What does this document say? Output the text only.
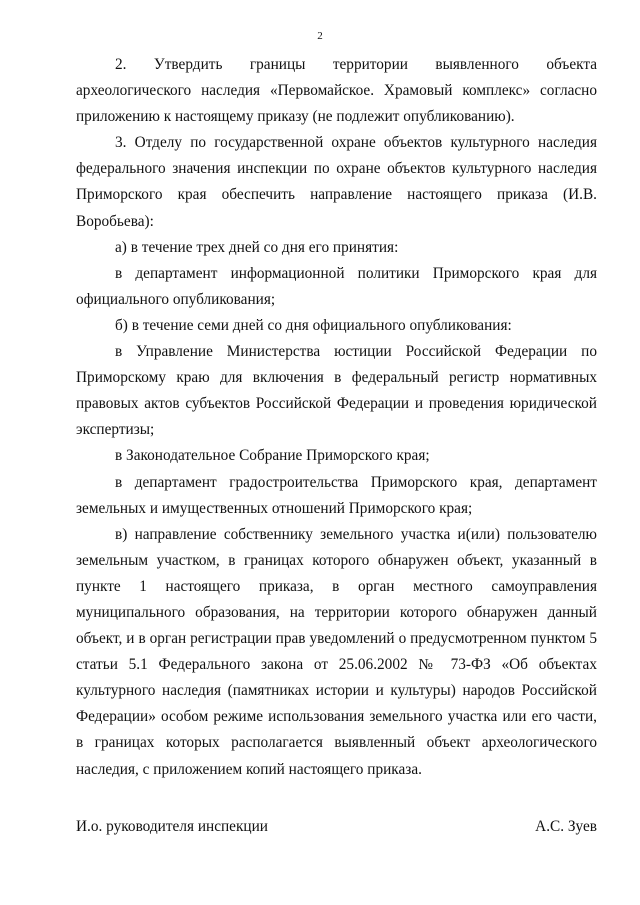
2

2. Утвердить границы территории выявленного объекта археологического наследия «Первомайское. Храмовый комплекс» согласно приложению к настоящему приказу (не подлежит опубликованию).

3. Отделу по государственной охране объектов культурного наследия федерального значения инспекции по охране объектов культурного наследия Приморского края обеспечить направление настоящего приказа (И.В. Воробьева):

а) в течение трех дней со дня его принятия:

в департамент информационной политики Приморского края для официального опубликования;

б) в течение семи дней со дня официального опубликования:

в Управление Министерства юстиции Российской Федерации по Приморскому краю для включения в федеральный регистр нормативных правовых актов субъектов Российской Федерации и проведения юридической экспертизы;

в Законодательное Собрание Приморского края;

в департамент градостроительства Приморского края, департамент земельных и имущественных отношений Приморского края;

в) направление собственнику земельного участка и(или) пользователю земельным участком, в границах которого обнаружен объект, указанный в пункте 1 настоящего приказа, в орган местного самоуправления муниципального образования, на территории которого обнаружен данный объект, и в орган регистрации прав уведомлений о предусмотренном пунктом 5 статьи 5.1 Федерального закона от 25.06.2002 № 73-ФЗ «Об объектах культурного наследия (памятниках истории и культуры) народов Российской Федерации» особом режиме использования земельного участка или его части, в границах которых располагается выявленный объект археологического наследия, с приложением копий настоящего приказа.

И.о. руководителя инспекции	А.С. Зуев
